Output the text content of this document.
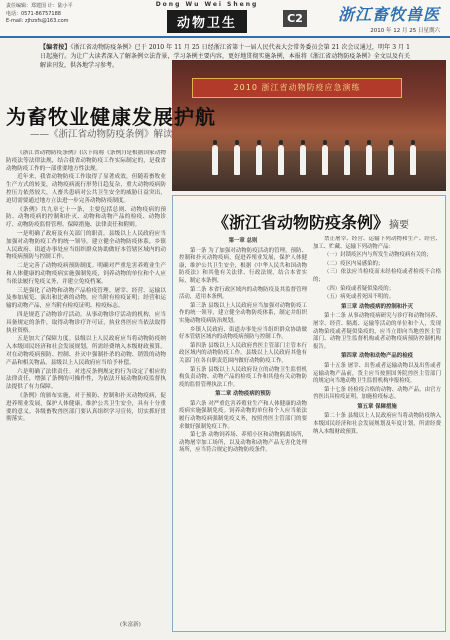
责任编辑：郑建国 计：陆小平
电话：0571-86757188
E-mail: zjhzsfs@163.com
Dong Wu Wei Sheng
动物卫生	C2 浙江畜牧兽医
2010 年 12 月 25 日星期六
【编者按】《浙江省动物防疫条例》已于 2010 年 11 月 25 日经浙江省第十一届人民代表大会常务委员会第 21 次会议通过，明年 3 月 1 日起施行。为让广大读者深入了解条例立法背景，学习条例主要内容，更好地贯彻实施条例，本报将《浙江省动物防疫条例》全文以及有关解读刊发，供各地学习参考。
2010 浙江省动物防疫应急演练
为畜牧业健康发展护航
——《浙江省动物防疫条例》解读

《浙江省动物防疫条例》(以下简称《条例》)是根据国家动物防疫法等法律法规，结合我省动物防疫工作实际制定的，是我省动物防疫工作的一部重要地方性法规。

近年来，我省动物防疫工作取得了显著成效，但随着畜牧业生产方式的转变，动物疫病流行形势日趋复杂，重大动物疫病防控压力依然较大，人畜共患病对公共卫生安全的威胁日益突出，迫切需要通过地方立法进一步完善动物防疫制度。

《条例》共九章七十一条，主要包括总则、动物疫病的预防、动物疫病的控制和扑灭、动物和动物产品的检疫、动物诊疗、动物防疫监督管理、保障措施、法律责任和附则。

一是明确了政府及有关部门的职责。县级以上人民政府应当加强对动物防疫工作的统一领导，建立健全动物防疫体系，乡镇人民政府、街道办事处应当组织群众协助做好本管辖区域内的动物疫病预防与控制工作。

二是完善了动物疫病预防制度。明确对严重危害养殖业生产和人体健康的动物疫病实施强制免疫，饲养动物的单位和个人应当依法履行免疫义务，并建立免疫档案。

三是强化了动物和动物产品检疫管理。屠宰、经营、运输以及参加展览、演出和比赛的动物，应当附有检疫证明；经营和运输的动物产品，应当附有检疫证明、检疫标志。

四是规范了动物诊疗活动。从事动物诊疗活动的机构，应当具备规定的条件，取得动物诊疗许可证，执业兽医应当依法取得执业资格。

五是加大了保障力度。县级以上人民政府应当将动物防疫纳入本级国民经济和社会发展规划，所需经费纳入本级财政预算。对在动物疫病预防、控制、扑灭中强制扑杀的动物、销毁的动物产品和相关物品，县级以上人民政府应当给予补偿。

六是明确了法律责任。对违反条例规定的行为设定了相应的法律责任，增强了条例的可操作性，为依法开展动物防疫监督执法提供了有力保障。

《条例》的颁布实施，对于预防、控制和扑灭动物疫病，促进养殖业发展，保护人体健康，维护公共卫生安全，具有十分重要的意义。各级畜牧兽医部门要认真组织学习宣传，切实抓好贯彻落实。

(朱富新)
《浙江省动物防疫条例》摘要

第一章 总则

第一条 为了加强对动物防疫活动的管理，预防、控制和扑灭动物疫病，促进养殖业发展，保护人体健康，维护公共卫生安全，根据《中华人民共和国动物防疫法》和其他有关法律、行政法规，结合本省实际，制定本条例。

第二条 本省行政区域内的动物防疫及其监督管理活动，适用本条例。

第三条 县级以上人民政府应当加强对动物防疫工作的统一领导，建立健全动物防疫体系，制定并组织实施动物疫病防治规划。

乡镇人民政府、街道办事处应当组织群众协助做好本管辖区域内的动物疫病预防与控制工作。

第四条 县级以上人民政府兽医主管部门主管本行政区域内的动物防疫工作。县级以上人民政府其他有关部门在各自职责范围内做好动物防疫工作。

第五条 县级以上人民政府设立的动物卫生监督机构负责动物、动物产品的检疫工作和其他有关动物防疫的监督管理执法工作。

第二章 动物疫病的预防

第六条 对严重危害养殖业生产和人体健康的动物疫病实施强制免疫。饲养动物的单位和个人应当依法履行动物疫病强制免疫义务，按照兽医主管部门的要求做好强制免疫工作。

第七条 动物饲养场、养殖小区和动物隔离场所，动物屠宰加工场所，以及动物和动物产品无害化处理场所，应当符合规定的动物防疫条件。

禁止屠宰、经营、运输下列动物和生产、经营、加工、贮藏、运输下列动物产品：

（一）封锁疫区内与所发生动物疫病有关的；

（二）疫区内易感染的；

（三）依法应当检疫而未经检疫或者检疫不合格的；

（四）染疫或者疑似染疫的；

（五）病死或者死因不明的。

第三章 动物疫病的控制和扑灭

第十二条 从事动物疫病研究与诊疗和动物饲养、屠宰、经营、隔离、运输等活动的单位和个人，发现动物染疫或者疑似染疫的，应当立即向当地兽医主管部门、动物卫生监督机构或者动物疫病预防控制机构报告。

第四章 动物和动物产品的检疫

第十五条 屠宰、出售或者运输动物以及出售或者运输动物产品前，货主应当按照国务院兽医主管部门的规定向当地动物卫生监督机构申报检疫。

第十七条 经检疫合格的动物、动物产品，由官方兽医出具检疫证明，加施检疫标志。

第五章 保障措施

第二十条 县级以上人民政府应当将动物防疫纳入本级国民经济和社会发展规划及年度计划，所需经费纳入本级财政预算。
